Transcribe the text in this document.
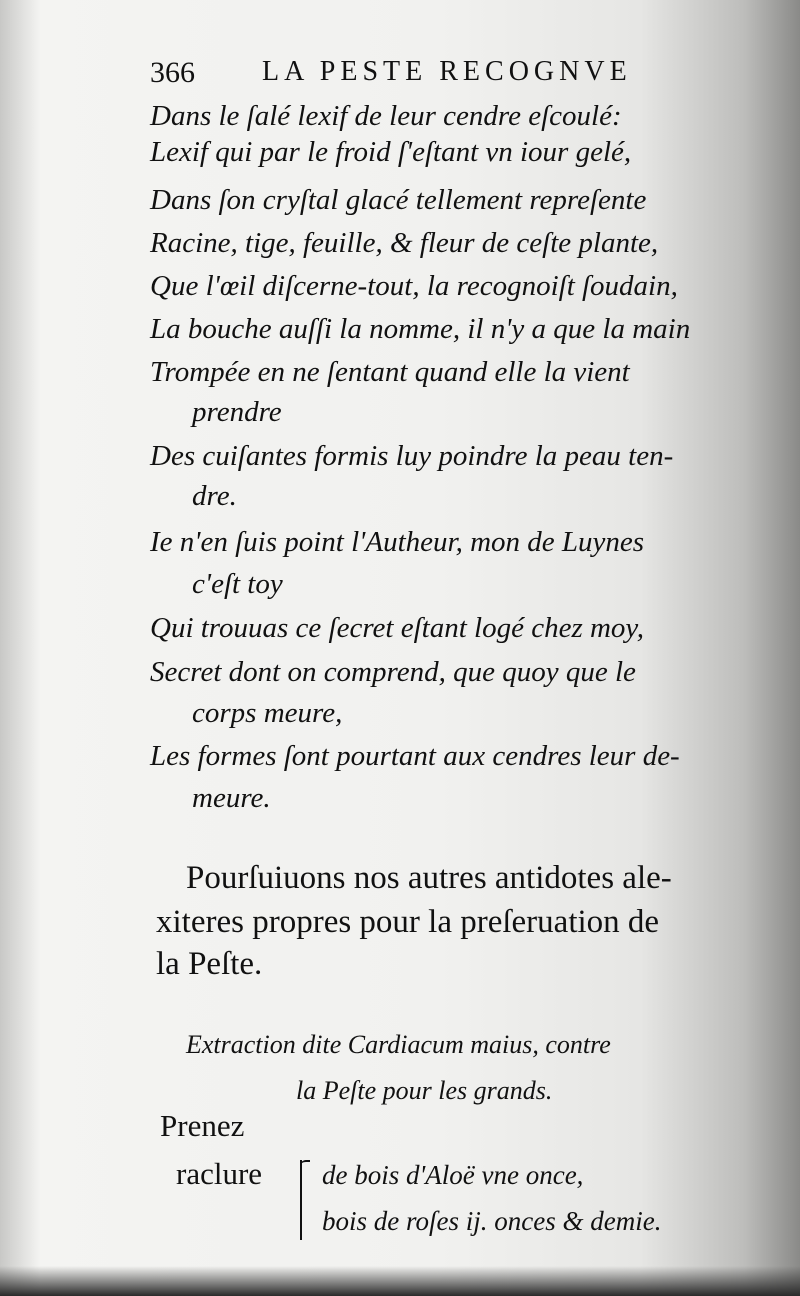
366 LA PESTE RECOGNVE
Dans le ſalé lexif de leur cendre eſcoulé:
Lexif qui par le froid ſ'eſtant vn iour gelé,
Dans ſon cryſtal glacé tellement repreſente
Racine, tige, feuille, & fleur de ceſte plante,
Que l'œil diſcerne-tout, la recognoiſt ſoudain,
La bouche auſſi la nomme, il n'y a que la main
Trompée en ne ſentant quand elle la vient
prendre
Des cuiſantes formis luy poindre la peau ten-
dre.
Ie n'en ſuis point l'Autheur, mon de Luynes
c'eſt toy
Qui trouuas ce ſecret eſtant logé chez moy,
Secret dont on comprend, que quoy que le
corps meure,
Les formes ſont pourtant aux cendres leur de-
meure.
Pourſuiuons nos autres antidotes ale-
xiteres propres pour la preſeruation de
la Peſte.
Extraction dite Cardiacum maius, contre
la Peſte pour les grands.
Prenez
raclure de bois d'Aloë vne once,
bois de roſes ij. onces & demie.
